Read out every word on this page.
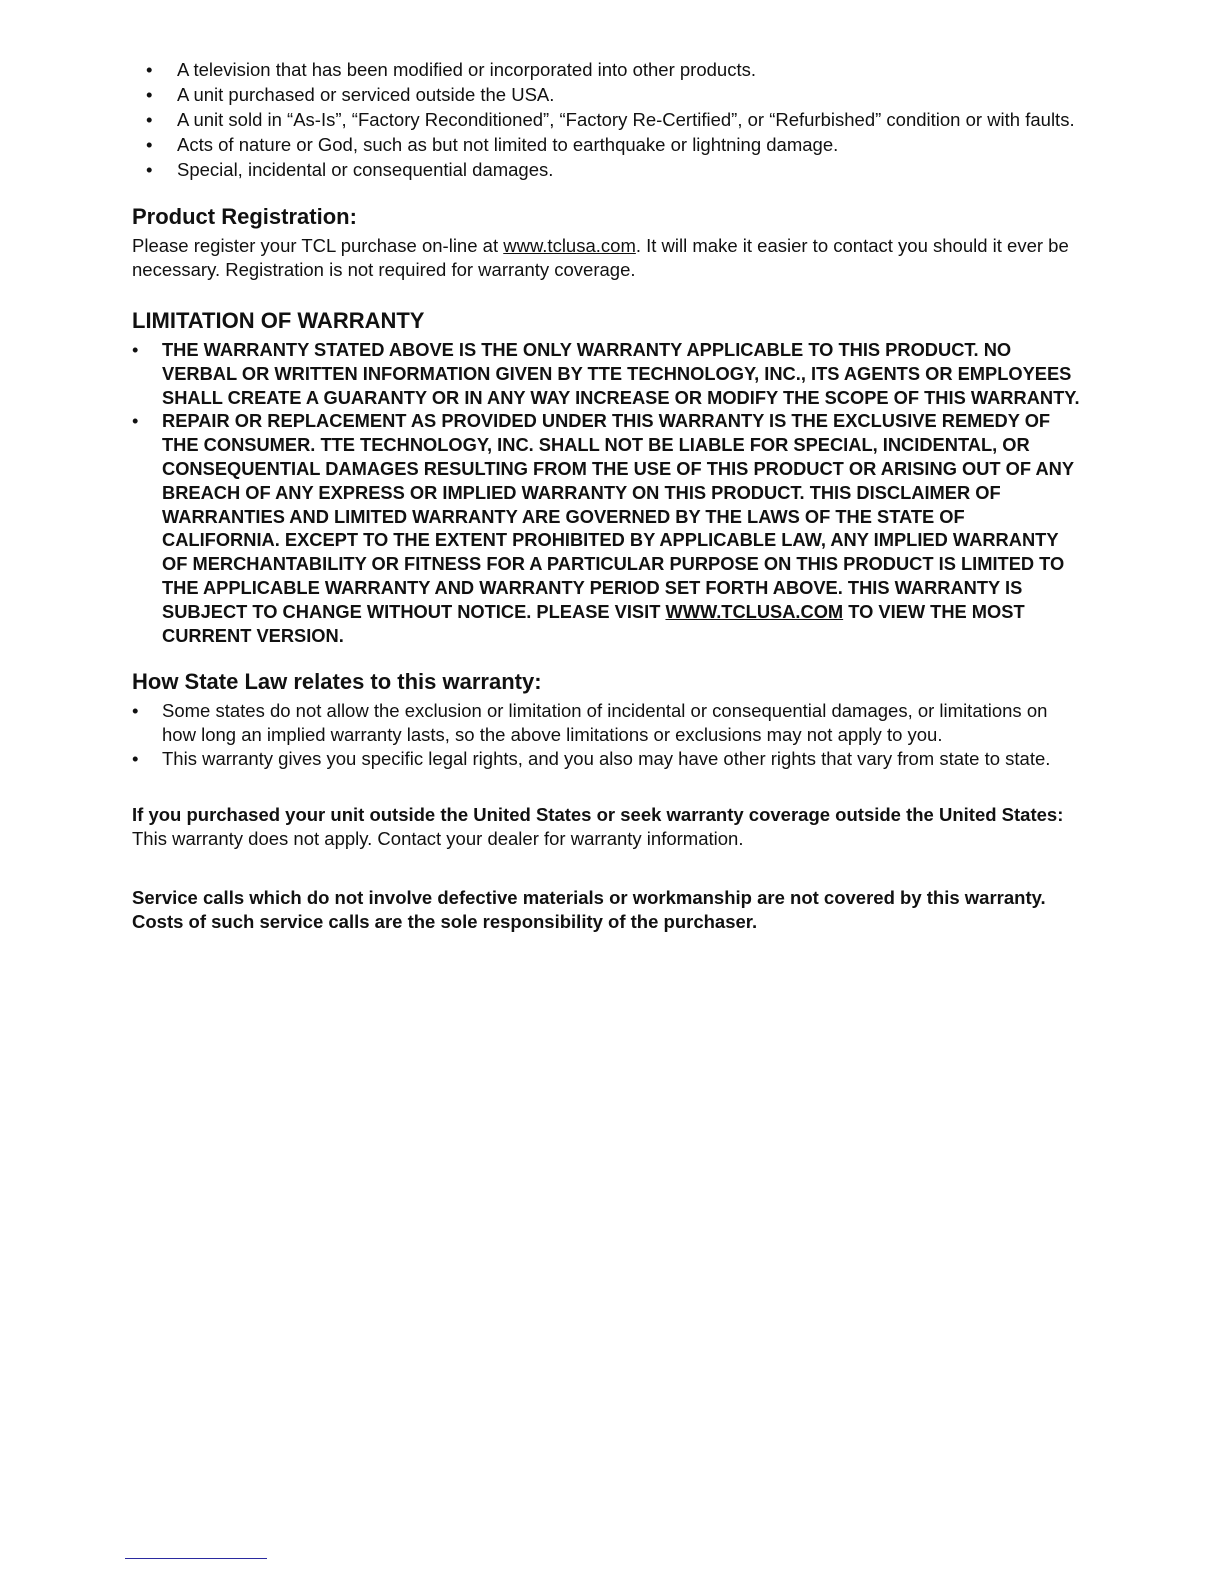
• A television that has been modified or incorporated into other products.
• A unit purchased or serviced outside the USA.
• A unit sold in “As-Is”, “Factory Reconditioned”, “Factory Re-Certified”, or “Refurbished” condition or with faults.
• Acts of nature or God, such as but not limited to earthquake or lightning damage.
• Special, incidental or consequential damages.
Product Registration:

Please register your TCL purchase on-line at www.tclusa.com. It will make it easier to contact you should it ever be necessary. Registration is not required for warranty coverage.

LIMITATION OF WARRANTY
• THE WARRANTY STATED ABOVE IS THE ONLY WARRANTY APPLICABLE TO THIS PRODUCT. NO VERBAL OR WRITTEN INFORMATION GIVEN BY TTE TECHNOLOGY, INC., ITS AGENTS OR EMPLOYEES SHALL CREATE A GUARANTY OR IN ANY WAY INCREASE OR MODIFY THE SCOPE OF THIS WARRANTY.
• REPAIR OR REPLACEMENT AS PROVIDED UNDER THIS WARRANTY IS THE EXCLUSIVE REMEDY OF THE CONSUMER. TTE TECHNOLOGY, INC. SHALL NOT BE LIABLE FOR SPECIAL, INCIDENTAL, OR CONSEQUENTIAL DAMAGES RESULTING FROM THE USE OF THIS PRODUCT OR ARISING OUT OF ANY BREACH OF ANY EXPRESS OR IMPLIED WARRANTY ON THIS PRODUCT. THIS DISCLAIMER OF WARRANTIES AND LIMITED WARRANTY ARE GOVERNED BY THE LAWS OF THE STATE OF CALIFORNIA. EXCEPT TO THE EXTENT PROHIBITED BY APPLICABLE LAW, ANY IMPLIED WARRANTY OF MERCHANTABILITY OR FITNESS FOR A PARTICULAR PURPOSE ON THIS PRODUCT IS LIMITED TO THE APPLICABLE WARRANTY AND WARRANTY PERIOD SET FORTH ABOVE. THIS WARRANTY IS SUBJECT TO CHANGE WITHOUT NOTICE. PLEASE VISIT WWW.TCLUSA.COM TO VIEW THE MOST CURRENT VERSION.
How State Law relates to this warranty:
• Some states do not allow the exclusion or limitation of incidental or consequential damages, or limitations on how long an implied warranty lasts, so the above limitations or exclusions may not apply to you.
• This warranty gives you specific legal rights, and you also may have other rights that vary from state to state.

If you purchased your unit outside the United States or seek warranty coverage outside the United States: This warranty does not apply. Contact your dealer for warranty information.

Service calls which do not involve defective materials or workmanship are not covered by this warranty. Costs of such service calls are the sole responsibility of the purchaser.
